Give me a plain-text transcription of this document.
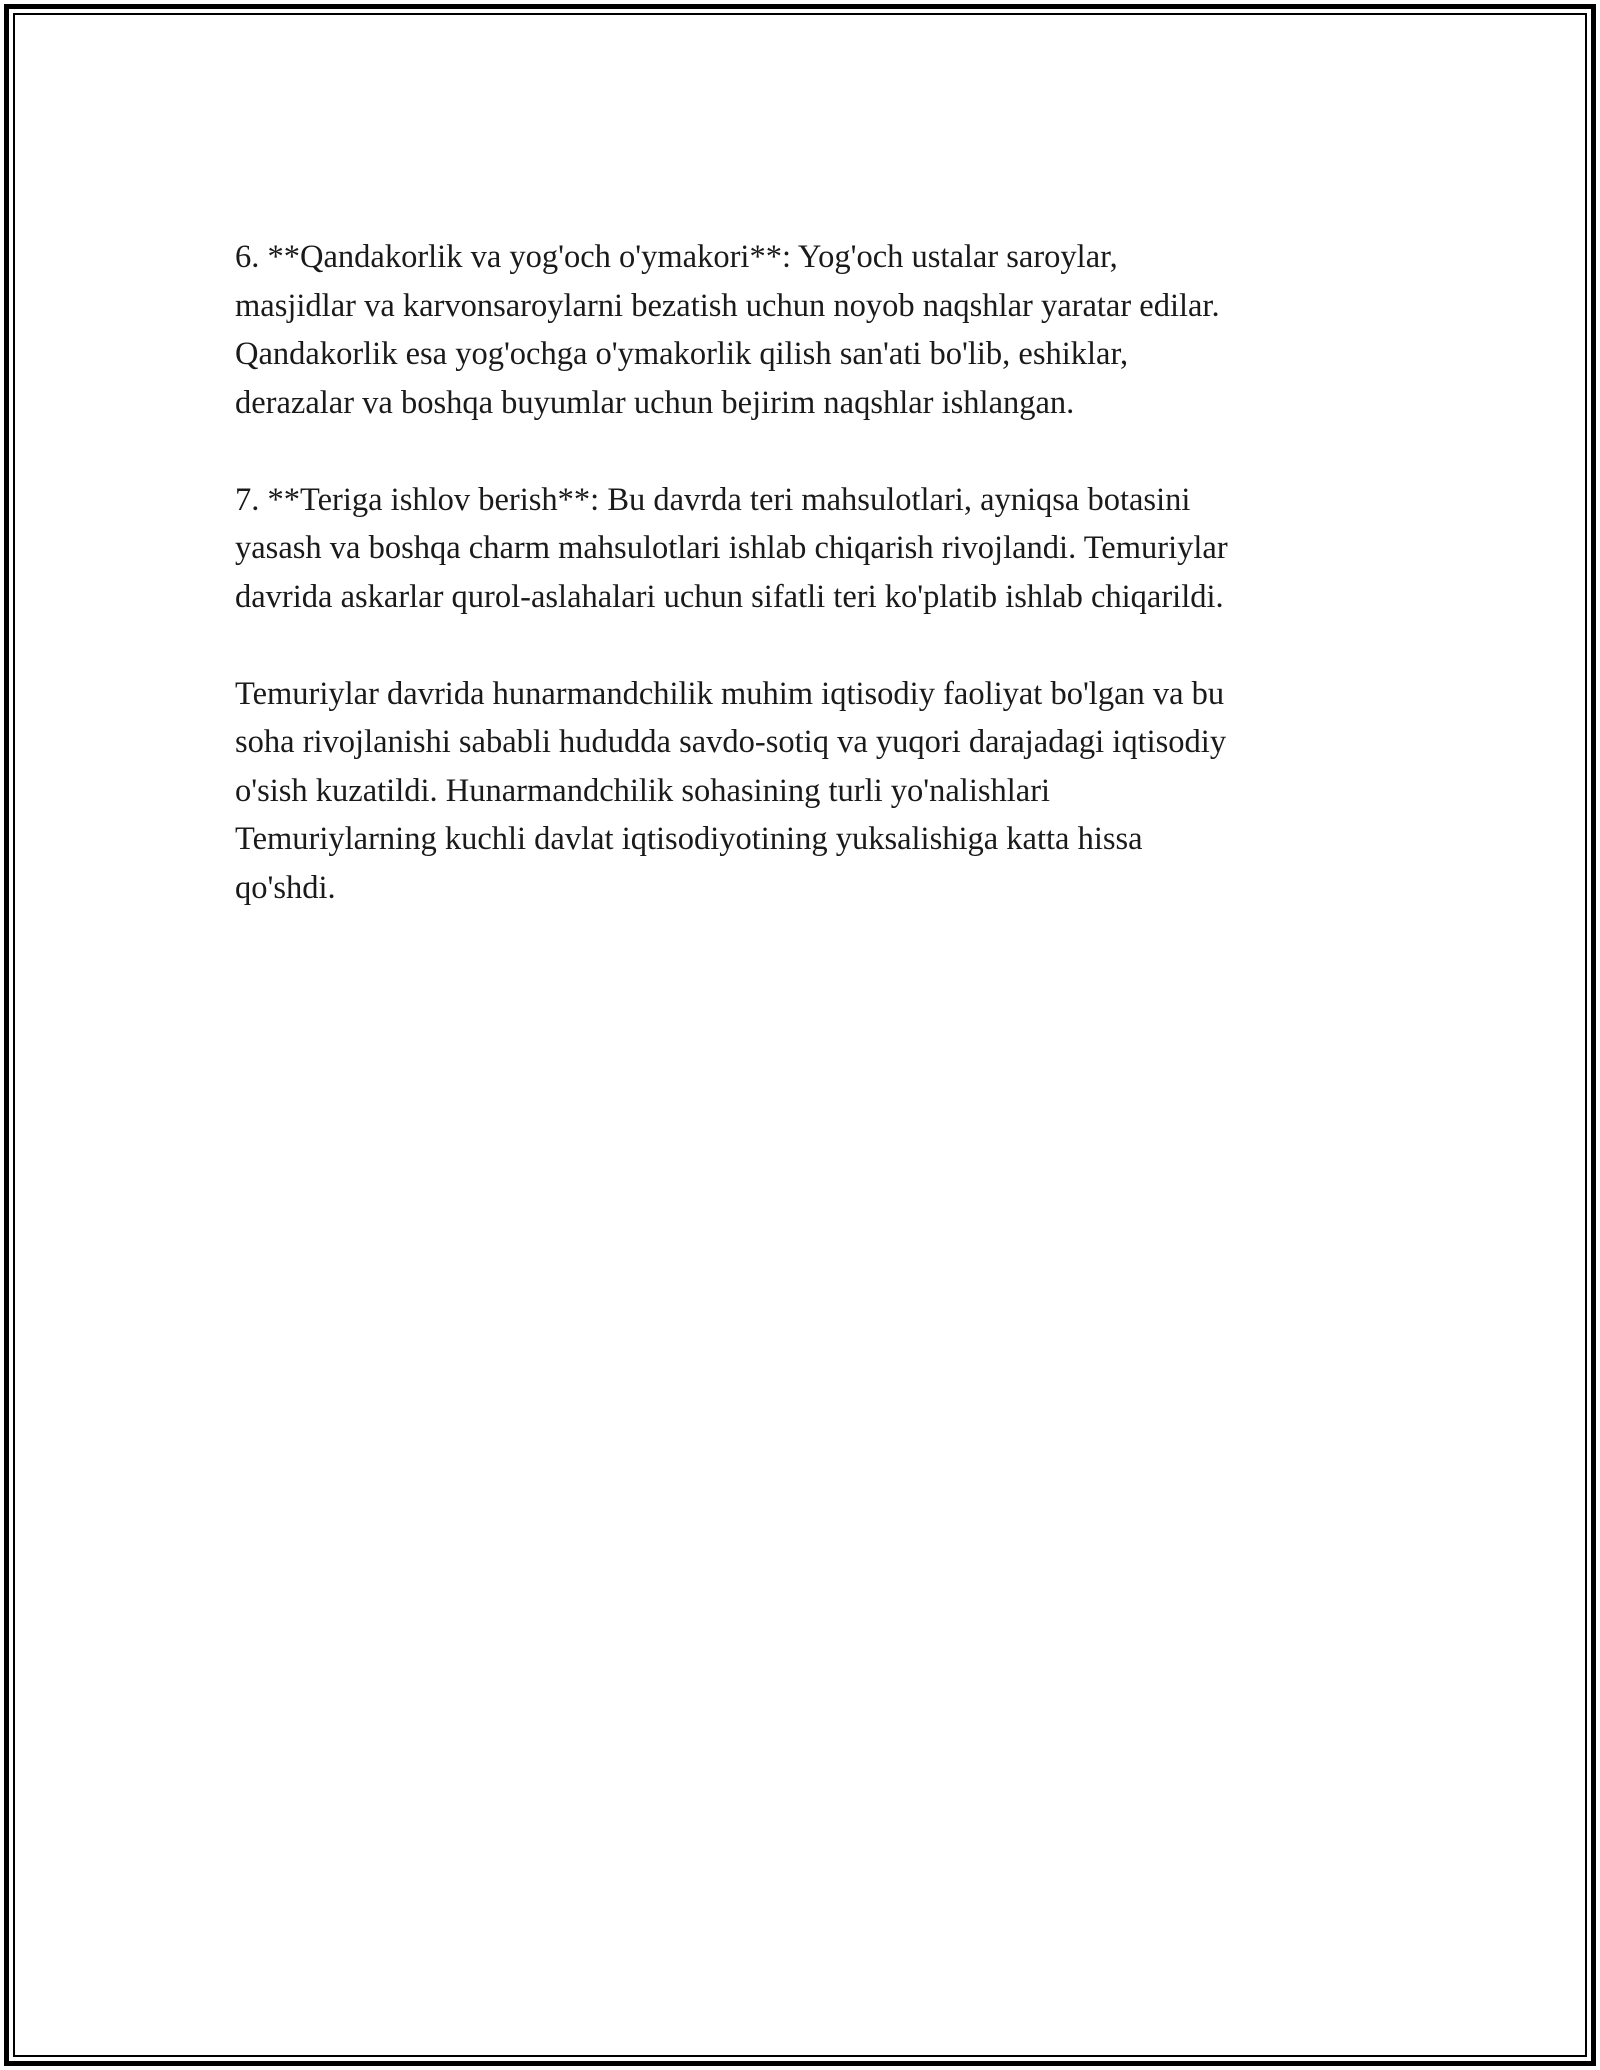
6. **Qandakorlik va yog'och o'ymakori**: Yog'och ustalar saroylar,
masjidlar va karvonsaroylarni bezatish uchun noyob naqshlar yaratar edilar.
Qandakorlik esa yog'ochga o'ymakorlik qilish san'ati bo'lib, eshiklar,
derazalar va boshqa buyumlar uchun bejirim naqshlar ishlangan.

7. **Teriga ishlov berish**: Bu davrda teri mahsulotlari, ayniqsa botasini
yasash va boshqa charm mahsulotlari ishlab chiqarish rivojlandi. Temuriylar
davrida askarlar qurol-aslahalari uchun sifatli teri ko'platib ishlab chiqarildi.

Temuriylar davrida hunarmandchilik muhim iqtisodiy faoliyat bo'lgan va bu
soha rivojlanishi sababli hududda savdo-sotiq va yuqori darajadagi iqtisodiy
o'sish kuzatildi. Hunarmandchilik sohasining turli yo'nalishlari
Temuriylarning kuchli davlat iqtisodiyotining yuksalishiga katta hissa
qo'shdi.
